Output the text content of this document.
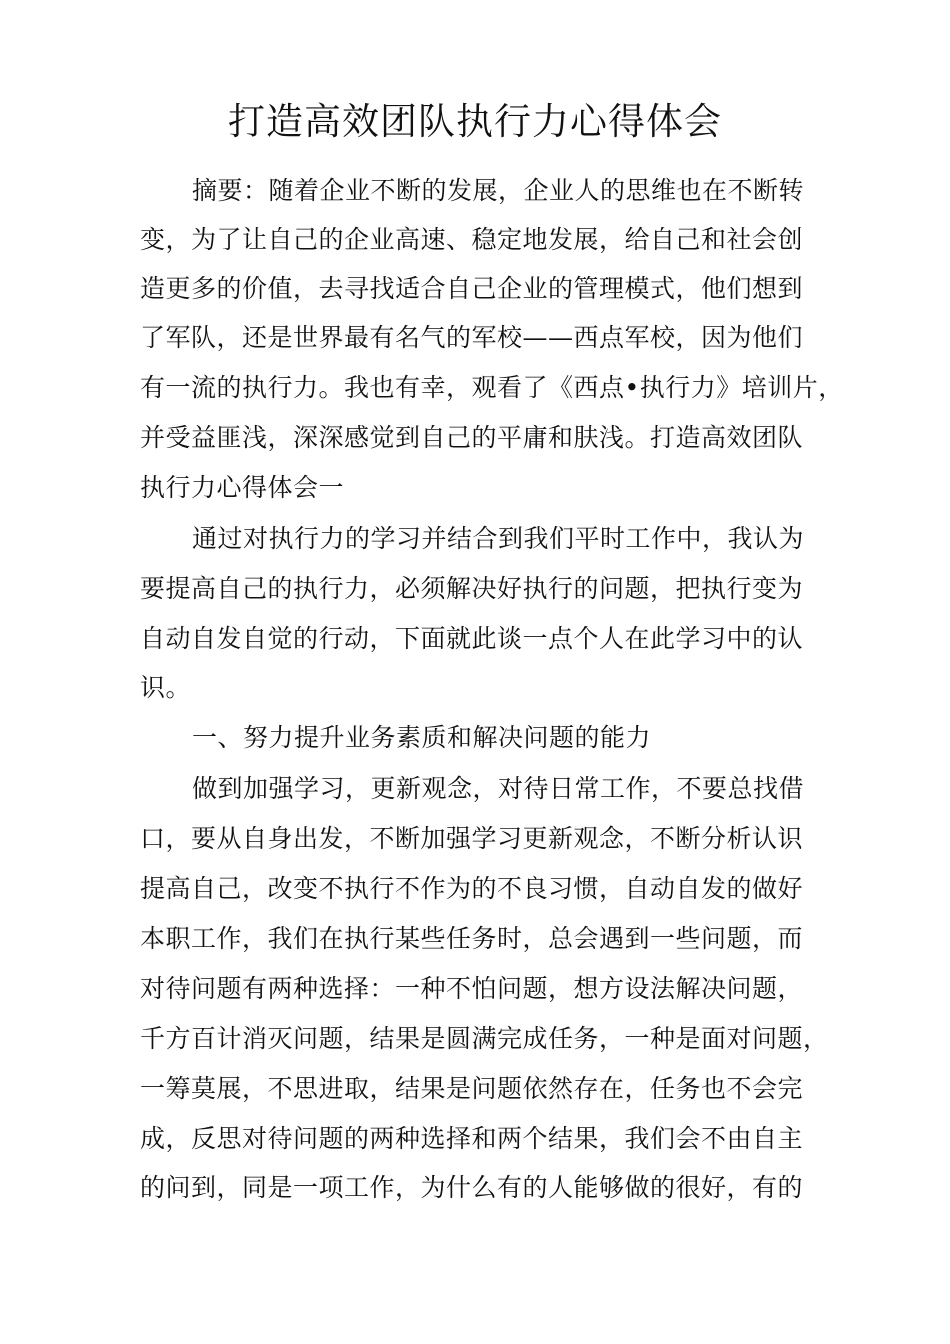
打造高效团队执行力心得体会
摘要：随着企业不断的发展，企业人的思维也在不断转
变，为了让自己的企业高速、稳定地发展，给自己和社会创
造更多的价值，去寻找适合自己企业的管理模式，他们想到
了军队，还是世界最有名气的军校——西点军校，因为他们
有一流的执行力。我也有幸，观看了《西点•执行力》培训片，
并受益匪浅，深深感觉到自己的平庸和肤浅。打造高效团队
执行力心得体会一
通过对执行力的学习并结合到我们平时工作中，我认为
要提高自己的执行力，必须解决好执行的问题，把执行变为
自动自发自觉的行动，下面就此谈一点个人在此学习中的认
识。
一、努力提升业务素质和解决问题的能力
做到加强学习，更新观念，对待日常工作，不要总找借
口，要从自身出发，不断加强学习更新观念，不断分析认识
提高自己，改变不执行不作为的不良习惯，自动自发的做好
本职工作，我们在执行某些任务时，总会遇到一些问题，而
对待问题有两种选择：一种不怕问题，想方设法解决问题，
千方百计消灭问题，结果是圆满完成任务，一种是面对问题，
一筹莫展，不思进取，结果是问题依然存在，任务也不会完
成，反思对待问题的两种选择和两个结果，我们会不由自主
的问到，同是一项工作，为什么有的人能够做的很好，有的
